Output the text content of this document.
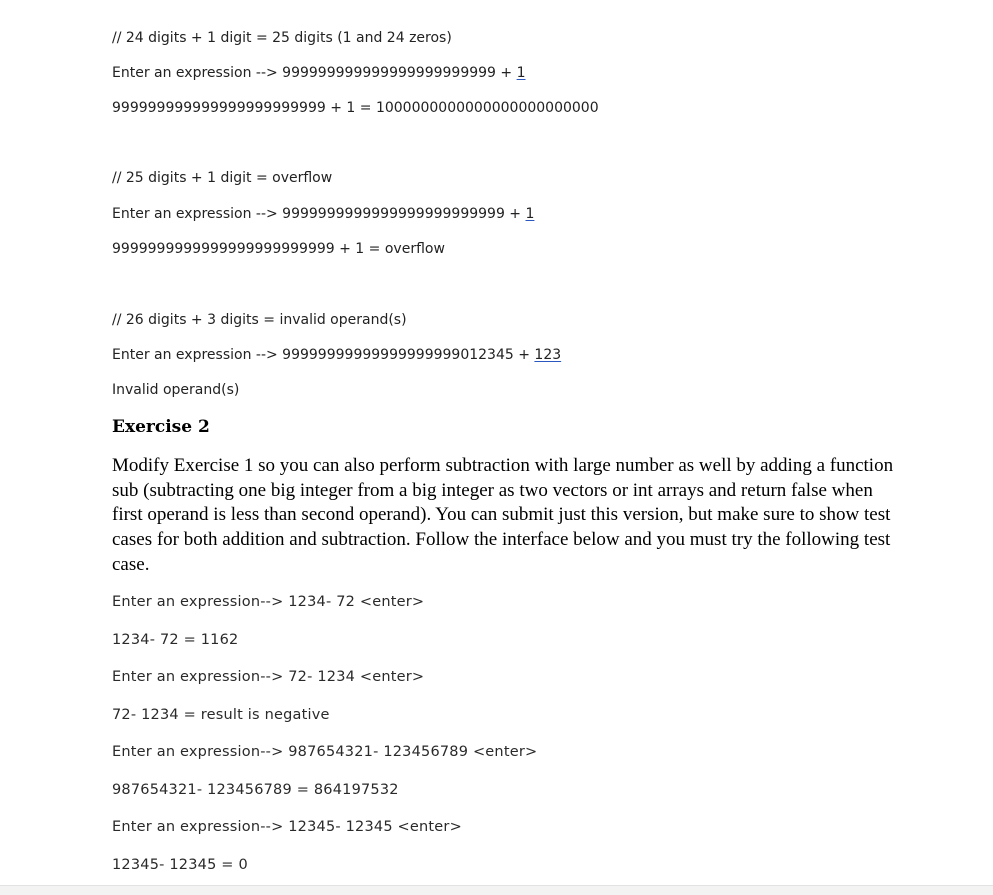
// 24 digits + 1 digit = 25 digits (1 and 24 zeros)
Enter an expression --> 999999999999999999999999 + 1
999999999999999999999999 + 1 = 1000000000000000000000000
// 25 digits + 1 digit = overflow
Enter an expression --> 9999999999999999999999999 + 1
9999999999999999999999999 + 1 = overflow
// 26 digits + 3 digits = invalid operand(s)
Enter an expression --> 99999999999999999999012345 + 123
Invalid operand(s)
Exercise 2
Modify Exercise 1 so you can also perform subtraction with large number as well by adding a function sub (subtracting one big integer from a big integer as two vectors or int arrays and return false when first operand is less than second operand). You can submit just this version, but make sure to show test cases for both addition and subtraction. Follow the interface below and you must try the following test case.
Enter an expression--> 1234- 72 <enter>
1234- 72 = 1162
Enter an expression--> 72- 1234 <enter>
72- 1234 = result is negative
Enter an expression--> 987654321- 123456789 <enter>
987654321- 123456789 = 864197532
Enter an expression--> 12345- 12345 <enter>
12345- 12345 = 0
